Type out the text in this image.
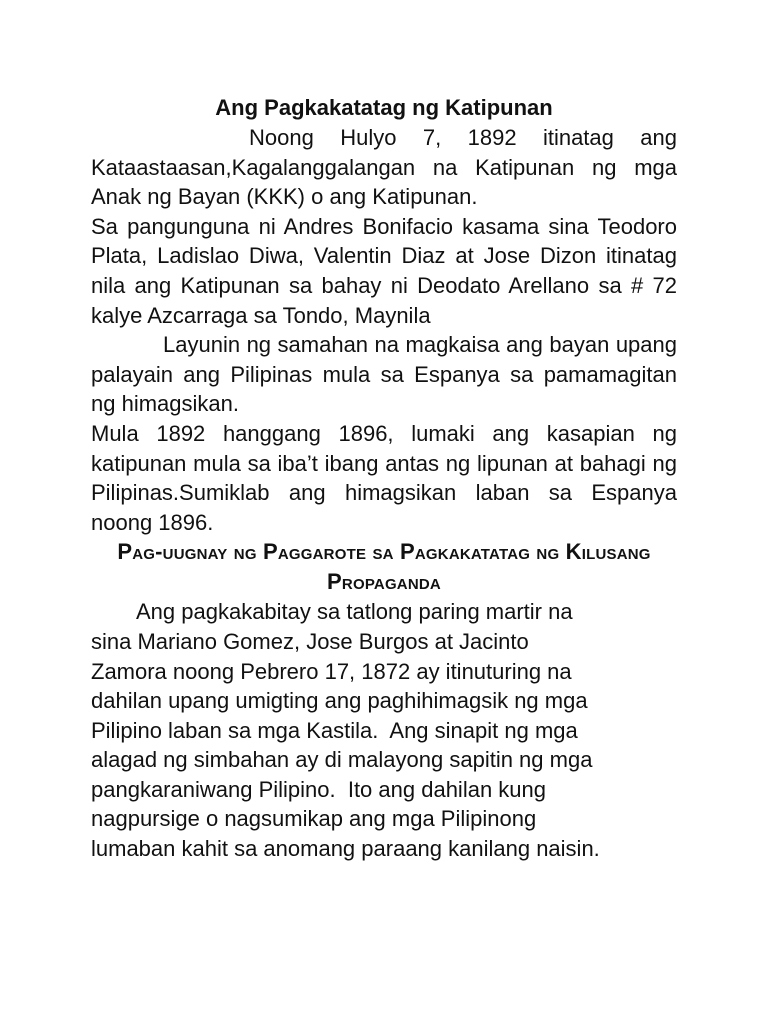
Ang Pagkakatatag ng Katipunan

Noong Hulyo 7, 1892 itinatag ang Kataastaasan,Kagalanggalangan na Katipunan ng mga Anak ng Bayan (KKK) o ang Katipunan.

Sa pangunguna ni Andres Bonifacio kasama sina Teodoro Plata, Ladislao Diwa, Valentin Diaz at Jose Dizon itinatag nila ang Katipunan sa bahay ni Deodato Arellano sa # 72 kalye Azcarraga sa Tondo, Maynila

Layunin ng samahan na magkaisa ang bayan upang palayain ang Pilipinas mula sa Espanya sa pamamagitan ng himagsikan.

Mula 1892 hanggang 1896, lumaki ang kasapian ng katipunan mula sa iba’t ibang antas ng lipunan at bahagi ng Pilipinas.Sumiklab ang himagsikan laban sa Espanya noong 1896.

Pag-uugnay ng Paggarote sa Pagkakatatag ng Kilusang Propaganda

Ang pagkakabitay sa tatlong paring martir na
sina Mariano Gomez, Jose Burgos at Jacinto
Zamora noong Pebrero 17, 1872 ay itinuturing na
dahilan upang umigting ang paghihimagsik ng mga
Pilipino laban sa mga Kastila.  Ang sinapit ng mga
alagad ng simbahan ay di malayong sapitin ng mga
pangkaraniwang Pilipino.  Ito ang dahilan kung
nagpursige o nagsumikap ang mga Pilipinong
lumaban kahit sa anomang paraang kanilang naisin.
